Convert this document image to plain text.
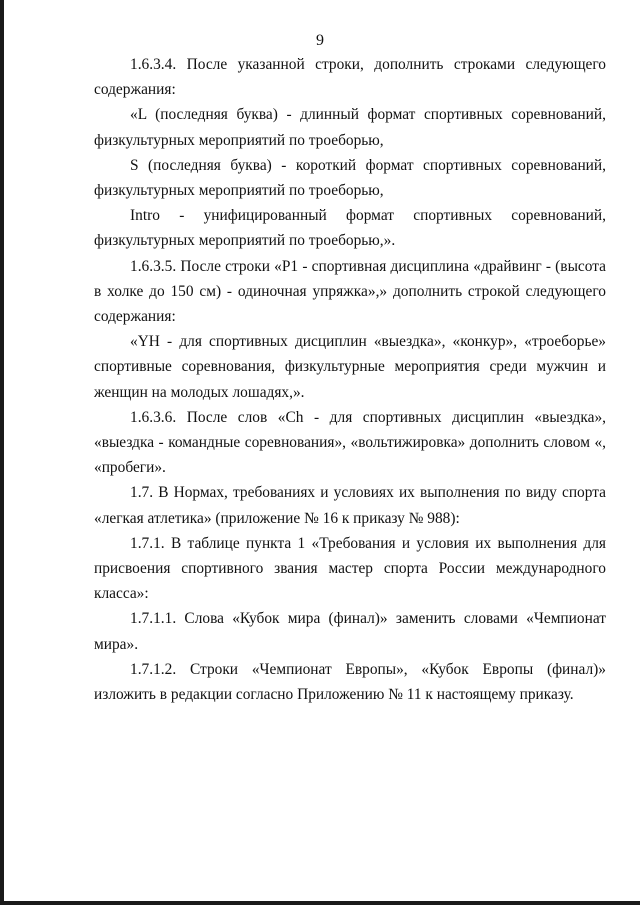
9

1.6.3.4. После указанной строки, дополнить строками следующего содержания:

«L (последняя буква) - длинный формат спортивных соревнований, физкультурных мероприятий по троеборью,

S (последняя буква) - короткий формат спортивных соревнований, физкультурных мероприятий по троеборью,

Intro - унифицированный формат спортивных соревнований, физкультурных мероприятий по троеборью,».

1.6.3.5. После строки «P1 - спортивная дисциплина «драйвинг - (высота в холке до 150 см) - одиночная упряжка»,» дополнить строкой следующего содержания:

«YH - для спортивных дисциплин «выездка», «конкур», «троеборье» спортивные соревнования, физкультурные мероприятия среди мужчин и женщин на молодых лошадях,».

1.6.3.6. После слов «Ch - для спортивных дисциплин «выездка», «выездка - командные соревнования», «вольтижировка» дополнить словом «, «пробеги».

1.7. В Нормах, требованиях и условиях их выполнения по виду спорта «легкая атлетика» (приложение № 16 к приказу № 988):

1.7.1. В таблице пункта 1 «Требования и условия их выполнения для присвоения спортивного звания мастер спорта России международного класса»:

1.7.1.1. Слова «Кубок мира (финал)» заменить словами «Чемпионат мира».

1.7.1.2. Строки «Чемпионат Европы», «Кубок Европы (финал)» изложить в редакции согласно Приложению № 11 к настоящему приказу.
